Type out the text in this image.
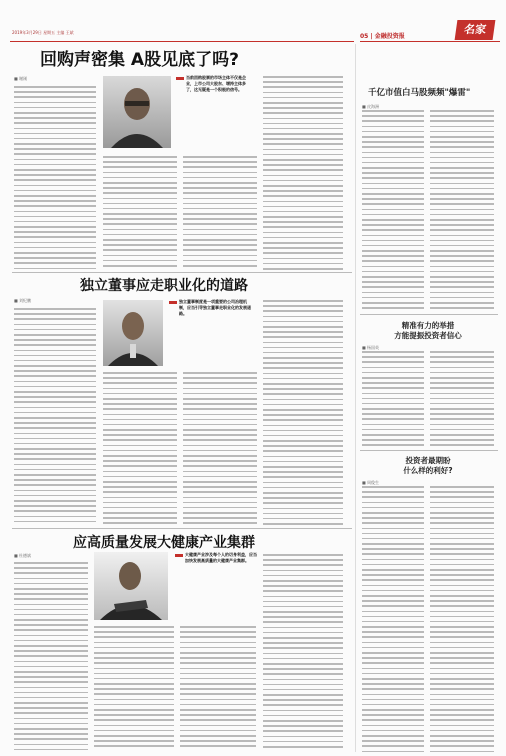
2019年3月29日 星期五 主编 王斌
05 | 金融投资报
名家
回购声密集 A股见底了吗?
■ 谢刚	当前回购股票的市场主体不仅是企业，上市公司大股东、增持主体多了，这无疑是一个积极的信号。
独立董事应走职业化的道路
■ 刘纪鹏	独立董事制度是一项重要的公司治理机制，应当引导独立董事走职业化的发展道路。
应高质量发展大健康产业集群
■ 杜德斌	大健康产业涉及每个人的切身利益，应当加快发展高质量的大健康产业集群。
千亿市值白马股频频"爆雷"
■ 皮海洲
精准有力的举措
方能提振投资者信心
■ 杨国英
投资者最期盼
什么样的利好?
■ 周俊生
